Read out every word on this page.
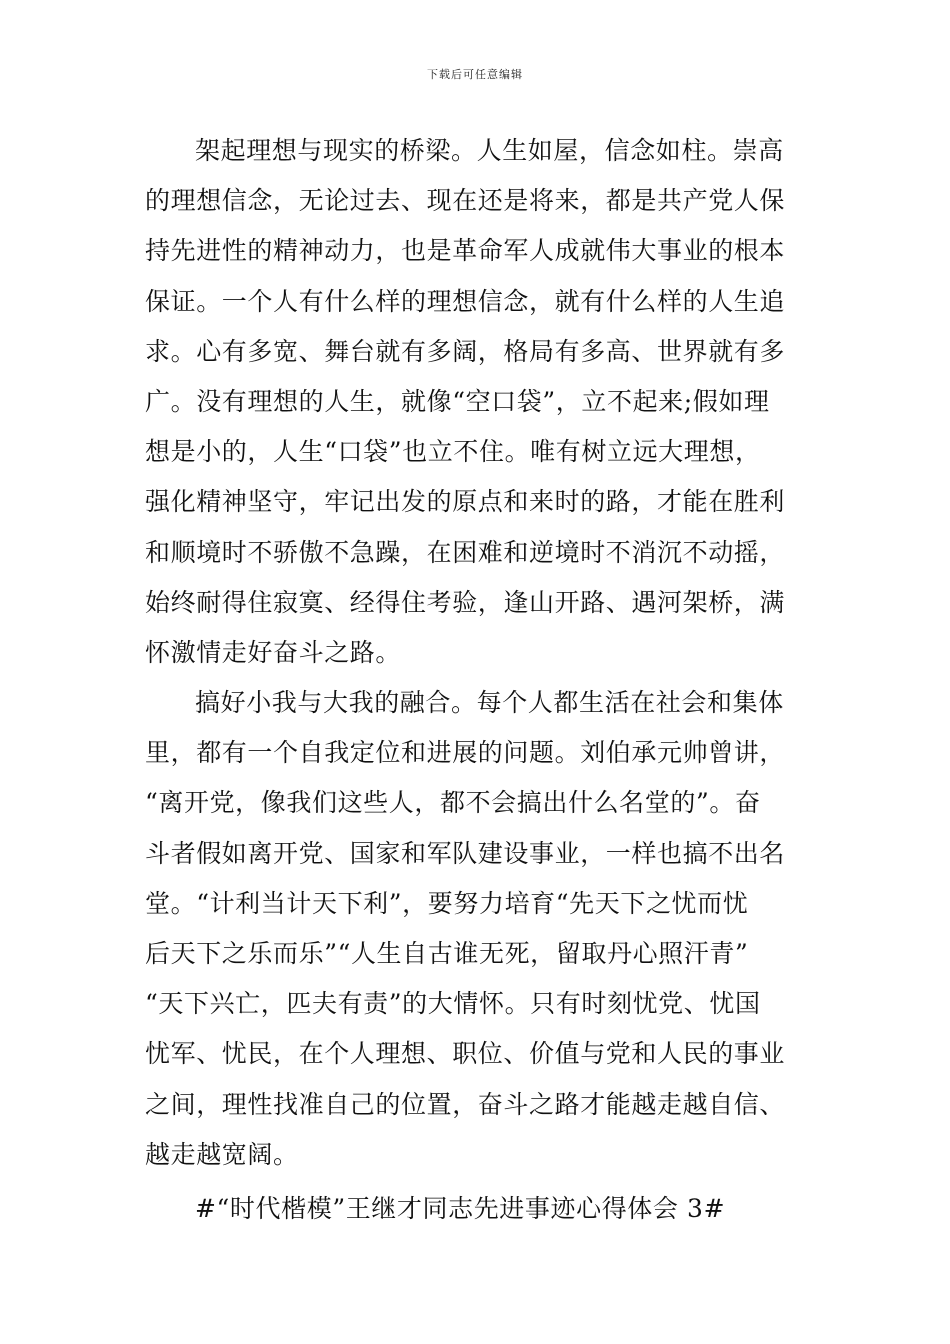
下载后可任意编辑
架起理想与现实的桥梁。人生如屋，信念如柱。崇高
的理想信念，无论过去、现在还是将来，都是共产党人保
持先进性的精神动力，也是革命军人成就伟大事业的根本
保证。一个人有什么样的理想信念，就有什么样的人生追
求。心有多宽、舞台就有多阔，格局有多高、世界就有多
广。没有理想的人生，就像“空口袋”，立不起来;假如理
想是小的，人生“口袋”也立不住。唯有树立远大理想，
强化精神坚守，牢记出发的原点和来时的路，才能在胜利
和顺境时不骄傲不急躁，在困难和逆境时不消沉不动摇，
始终耐得住寂寞、经得住考验，逢山开路、遇河架桥，满
怀激情走好奋斗之路。
搞好小我与大我的融合。每个人都生活在社会和集体
里，都有一个自我定位和进展的问题。刘伯承元帅曾讲，
“离开党，像我们这些人，都不会搞出什么名堂的”。奋
斗者假如离开党、国家和军队建设事业，一样也搞不出名
堂。“计利当计天下利”，要努力培育“先天下之忧而忧
后天下之乐而乐”“人生自古谁无死，留取丹心照汗青”
“天下兴亡，匹夫有责”的大情怀。只有时刻忧党、忧国
忧军、忧民，在个人理想、职位、价值与党和人民的事业
之间，理性找准自己的位置，奋斗之路才能越走越自信、
越走越宽阔。
#“时代楷模”王继才同志先进事迹心得体会 3#
